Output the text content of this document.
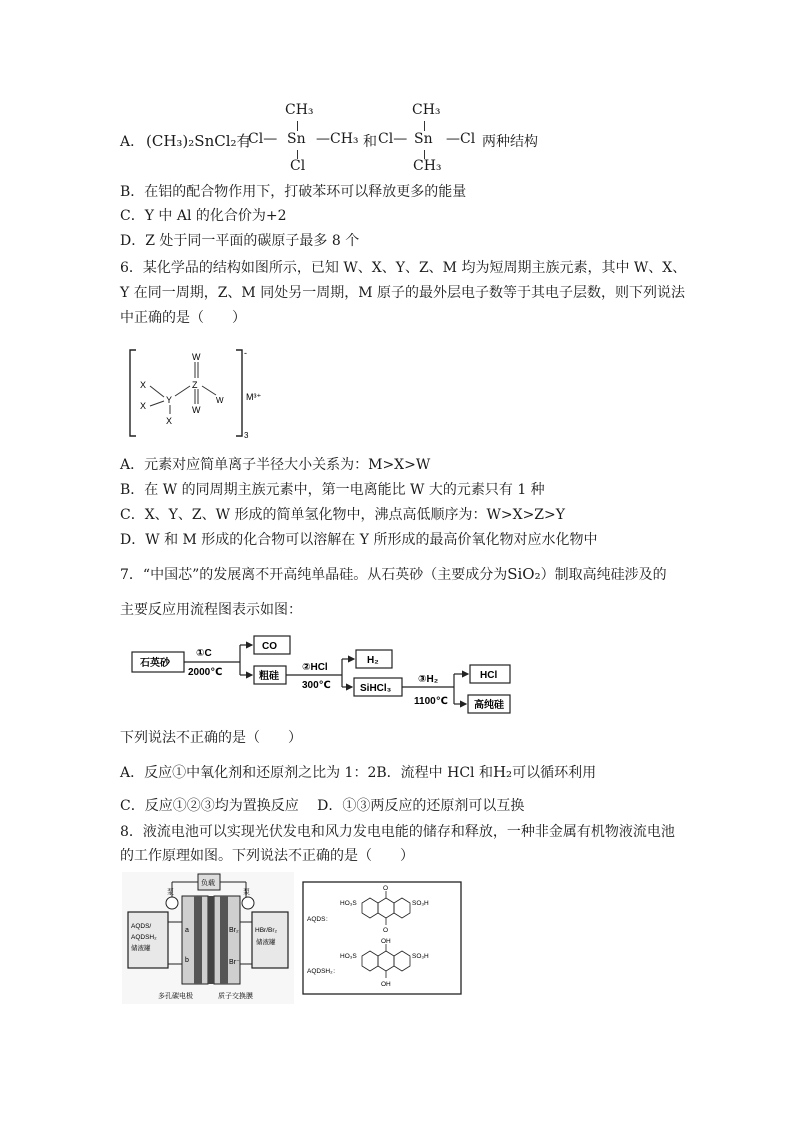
A． (CH₃)₂SnCl₂有
Cl—
CH₃
Sn
Cl
—CH₃ 和 Cl—
CH₃
Sn
CH₃
—Cl 两种结构
B．在铝的配合物作用下，打破苯环可以释放更多的能量
C．Y 中 Al 的化合价为+2
D．Z 处于同一平面的碳原子最多 8 个
6．某化学品的结构如图所示，已知 W、X、Y、Z、M 均为短周期主族元素，其中 W、X、
Y 在同一周期，Z、M 同处另一周期，M 原子的最外层电子数等于其电子层数，则下列说法
中正确的是（　　）
W
X	Z
Y
X
W
W
X
-
M³⁺
3
A．元素对应简单离子半径大小关系为：M>X>W
B．在 W 的同周期主族元素中，第一电离能比 W 大的元素只有 1 种
C．X、Y、Z、W 形成的简单氢化物中，沸点高低顺序为：W>X>Z>Y
D．W 和 M 形成的化合物可以溶解在 Y 所形成的最高价氧化物对应水化物中
7．“中国芯”的发展离不开高纯单晶硅。从石英砂（主要成分为SiO₂）制取高纯硅涉及的
主要反应用流程图表示如图：
石英砂
CO
粗硅
H₂
SiHCl₃
HCl
高纯硅
①C
2000℃	②HCl
300℃
③H₂
1100℃
下列说法不正确的是（　　）
A．反应①中氧化剂和还原剂之比为 1：2B．流程中 HCl 和H₂可以循环利用
C．反应①②③均为置换反应　 D．①③两反应的还原剂可以互换
8．液流电池可以实现光伏发电和风力发电电能的储存和释放，一种非金属有机物液流电池
的工作原理如图。下列说法不正确的是（　　）
负载
泵	泵
AQDS/
AQDSH₂
储液罐
HBr/Br₂
储液罐
a
b
Br₂
Br⁻
多孔碳电极	质子交换膜
AQDS：
AQDSH₂：
O
O
HO₃S	SO₃H
OH
OH
HO₃S	SO₃H
